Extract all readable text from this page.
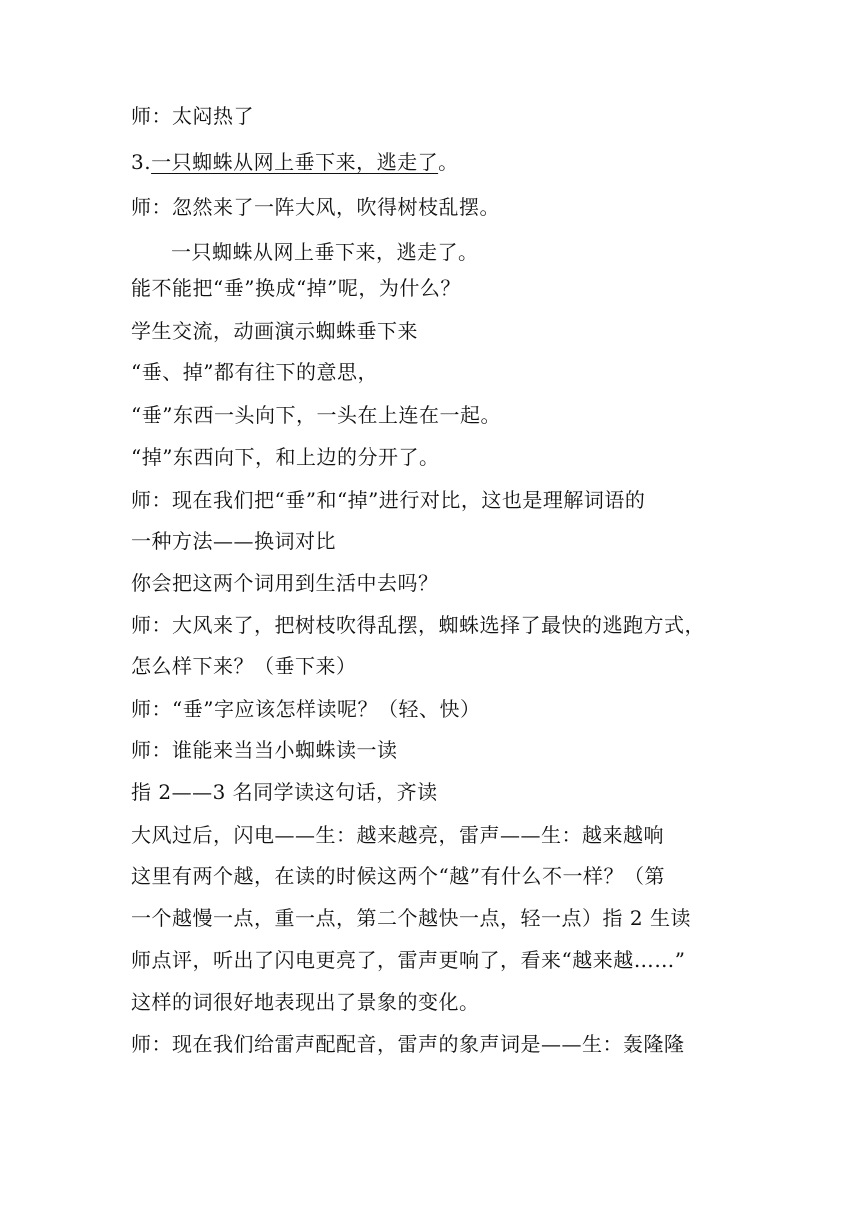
师：太闷热了
3.一只蜘蛛从网上垂下来，逃走了。
师：忽然来了一阵大风，吹得树枝乱摆。
一只蜘蛛从网上垂下来，逃走了。
能不能把“垂”换成“掉”呢，为什么？
学生交流，动画演示蜘蛛垂下来
“垂、掉”都有往下的意思，
“垂”东西一头向下，一头在上连在一起。
“掉”东西向下，和上边的分开了。
师：现在我们把“垂”和“掉”进行对比，这也是理解词语的
一种方法——换词对比
你会把这两个词用到生活中去吗？
师：大风来了，把树枝吹得乱摆，蜘蛛选择了最快的逃跑方式，
怎么样下来？（垂下来）
师：“垂”字应该怎样读呢？（轻、快）
师：谁能来当当小蜘蛛读一读
指 2——3 名同学读这句话，齐读
大风过后，闪电——生：越来越亮，雷声——生：越来越响
这里有两个越，在读的时候这两个“越”有什么不一样？（第
一个越慢一点，重一点，第二个越快一点，轻一点）指 2 生读
师点评，听出了闪电更亮了，雷声更响了，看来“越来越……”
这样的词很好地表现出了景象的变化。
师：现在我们给雷声配配音，雷声的象声词是——生：轰隆隆
